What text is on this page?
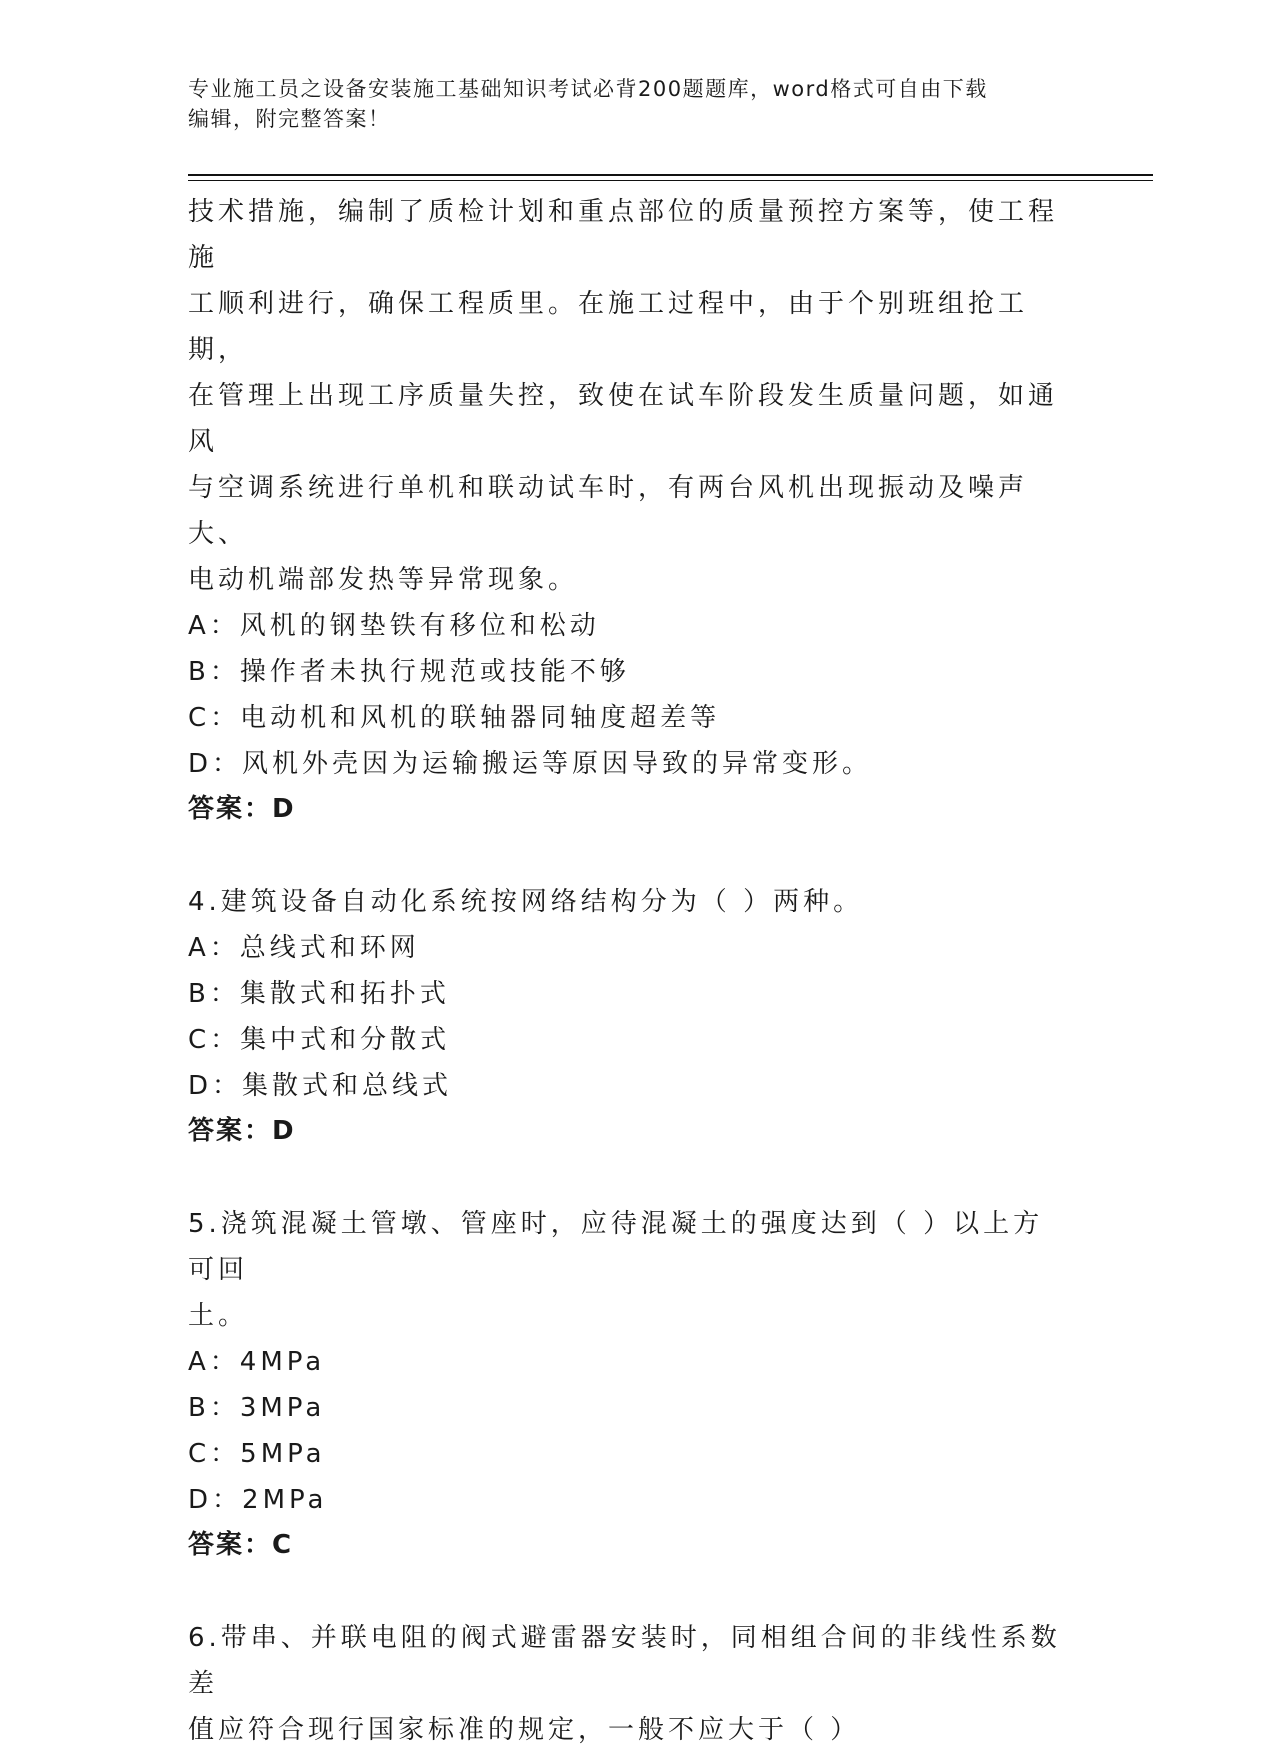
专业施工员之设备安装施工基础知识考试必背200题题库，word格式可自由下载
编辑，附完整答案！

技术措施，编制了质检计划和重点部位的质量预控方案等，使工程施

工顺利进行，确保工程质里。在施工过程中，由于个别班组抢工期，

在管理上出现工序质量失控，致使在试车阶段发生质量问题，如通风

与空调系统进行单机和联动试车时，有两台风机出现振动及噪声大、

电动机端部发热等异常现象。

A：风机的钢垫铁有移位和松动

B：操作者未执行规范或技能不够

C：电动机和风机的联轴器同轴度超差等

D：风机外壳因为运输搬运等原因导致的异常变形。

答案：D

4.建筑设备自动化系统按网络结构分为（ ）两种。

A：总线式和环网

B：集散式和拓扑式

C：集中式和分散式

D：集散式和总线式

答案：D

5.浇筑混凝土管墩、管座时，应待混凝土的强度达到（ ）以上方可回

土。

A：4MPa

B：3MPa

C：5MPa

D：2MPa

答案：C

6.带串、并联电阻的阀式避雷器安装时，同相组合间的非线性系数差

值应符合现行国家标准的规定，一般不应大于（ ）
